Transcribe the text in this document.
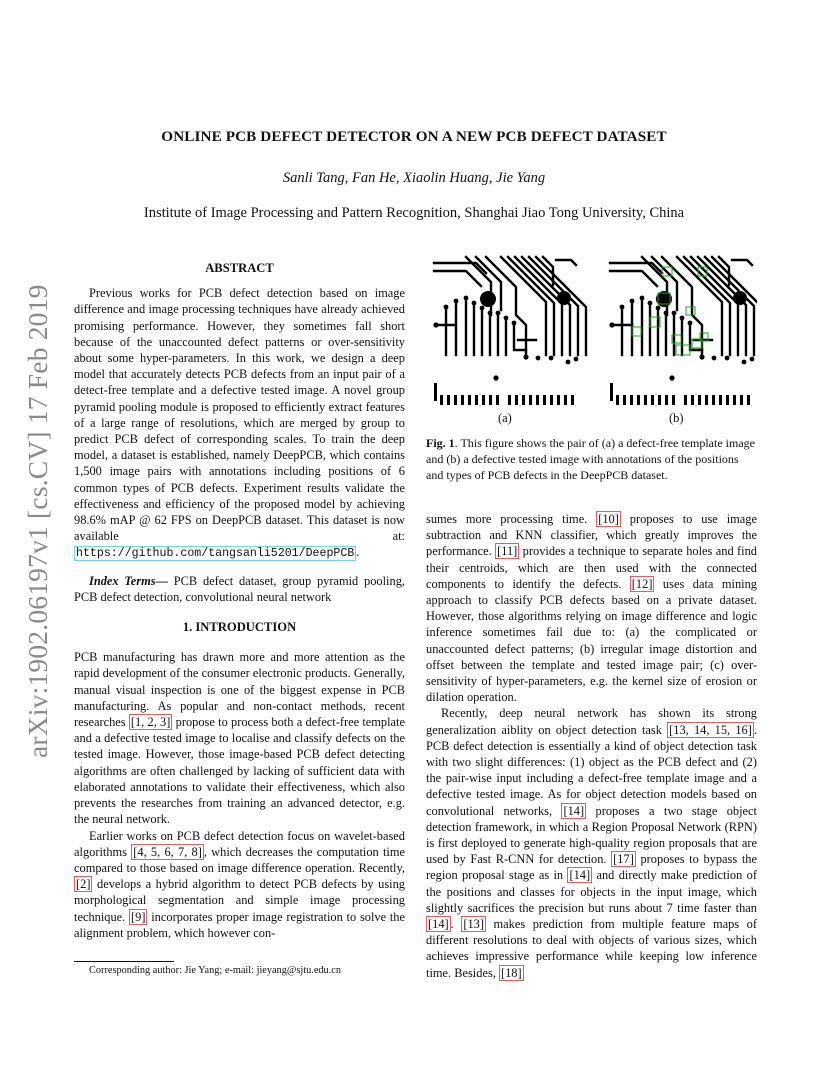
arXiv:1902.06197v1 [cs.CV] 17 Feb 2019
ONLINE PCB DEFECT DETECTOR ON A NEW PCB DEFECT DATASET
Sanli Tang, Fan He, Xiaolin Huang, Jie Yang
Institute of Image Processing and Pattern Recognition, Shanghai Jiao Tong University, China

ABSTRACT

Previous works for PCB defect detection based on image difference and image processing techniques have already achieved promising performance. However, they sometimes fall short because of the unaccounted defect patterns or over-sensitivity about some hyper-parameters. In this work, we design a deep model that accurately detects PCB defects from an input pair of a detect-free template and a defective tested image. A novel group pyramid pooling module is proposed to efficiently extract features of a large range of resolutions, which are merged by group to predict PCB defect of corresponding scales. To train the deep model, a dataset is established, namely DeepPCB, which contains 1,500 image pairs with annotations including positions of 6 common types of PCB defects. Experiment results validate the effectiveness and efficiency of the proposed model by achieving 98.6% mAP @ 62 FPS on DeepPCB dataset. This dataset is now available at: https://github.com/tangsanli5201/DeepPCB .

Index Terms— PCB defect dataset, group pyramid pooling, PCB defect detection, convolutional neural network

1. INTRODUCTION

PCB manufacturing has drawn more and more attention as the rapid development of the consumer electronic products. Generally, manual visual inspection is one of the biggest expense in PCB manufacturing. As popular and non-contact methods, recent researches [1, 2, 3] propose to process both a defect-free template and a defective tested image to localise and classify defects on the tested image. However, those image-based PCB defect detecting algorithms are often challenged by lacking of sufficient data with elaborated annotations to validate their effectiveness, which also prevents the researches from training an advanced detector, e.g. the neural network.

Earlier works on PCB defect detection focus on wavelet-based algorithms [4, 5, 6, 7, 8] , which decreases the computation time compared to those based on image difference operation. Recently, [2] develops a hybrid algorithm to detect PCB defects by using morphological segmentation and simple image processing technique. [9] incorporates proper image registration to solve the alignment problem, which however con-

Corresponding author: Jie Yang; e-mail: jieyang@sjtu.edu.cn
(a)	(b)
Fig. 1. This figure shows the pair of (a) a defect-free template image and (b) a defective tested image with annotations of the positions and types of PCB defects in the DeepPCB dataset.

sumes more processing time. [10] proposes to use image subtraction and KNN classifier, which greatly improves the performance. [11] provides a technique to separate holes and find their centroids, which are then used with the connected components to identify the defects. [12] uses data mining approach to classify PCB defects based on a private dataset. However, those algorithms relying on image difference and logic inference sometimes fail due to: (a) the complicated or unaccounted defect patterns; (b) irregular image distortion and offset between the template and tested image pair; (c) over-sensitivity of hyper-parameters, e.g. the kernel size of erosion or dilation operation.

Recently, deep neural network has shown its strong generalization aiblity on object detection task [13, 14, 15, 16] . PCB defect detection is essentially a kind of object detection task with two slight differences: (1) object as the PCB defect and (2) the pair-wise input including a defect-free template image and a defective tested image. As for object detection models based on convolutional networks, [14] proposes a two stage object detection framework, in which a Region Proposal Network (RPN) is first deployed to generate high-quality region proposals that are used by Fast R-CNN for detection. [17] proposes to bypass the region proposal stage as in [14] and directly make prediction of the positions and classes for objects in the input image, which slightly sacrifices the precision but runs about 7 time faster than [14] . [13] makes prediction from multiple feature maps of different resolutions to deal with objects of various sizes, which achieves impressive performance while keeping low inference time. Besides, [18]
